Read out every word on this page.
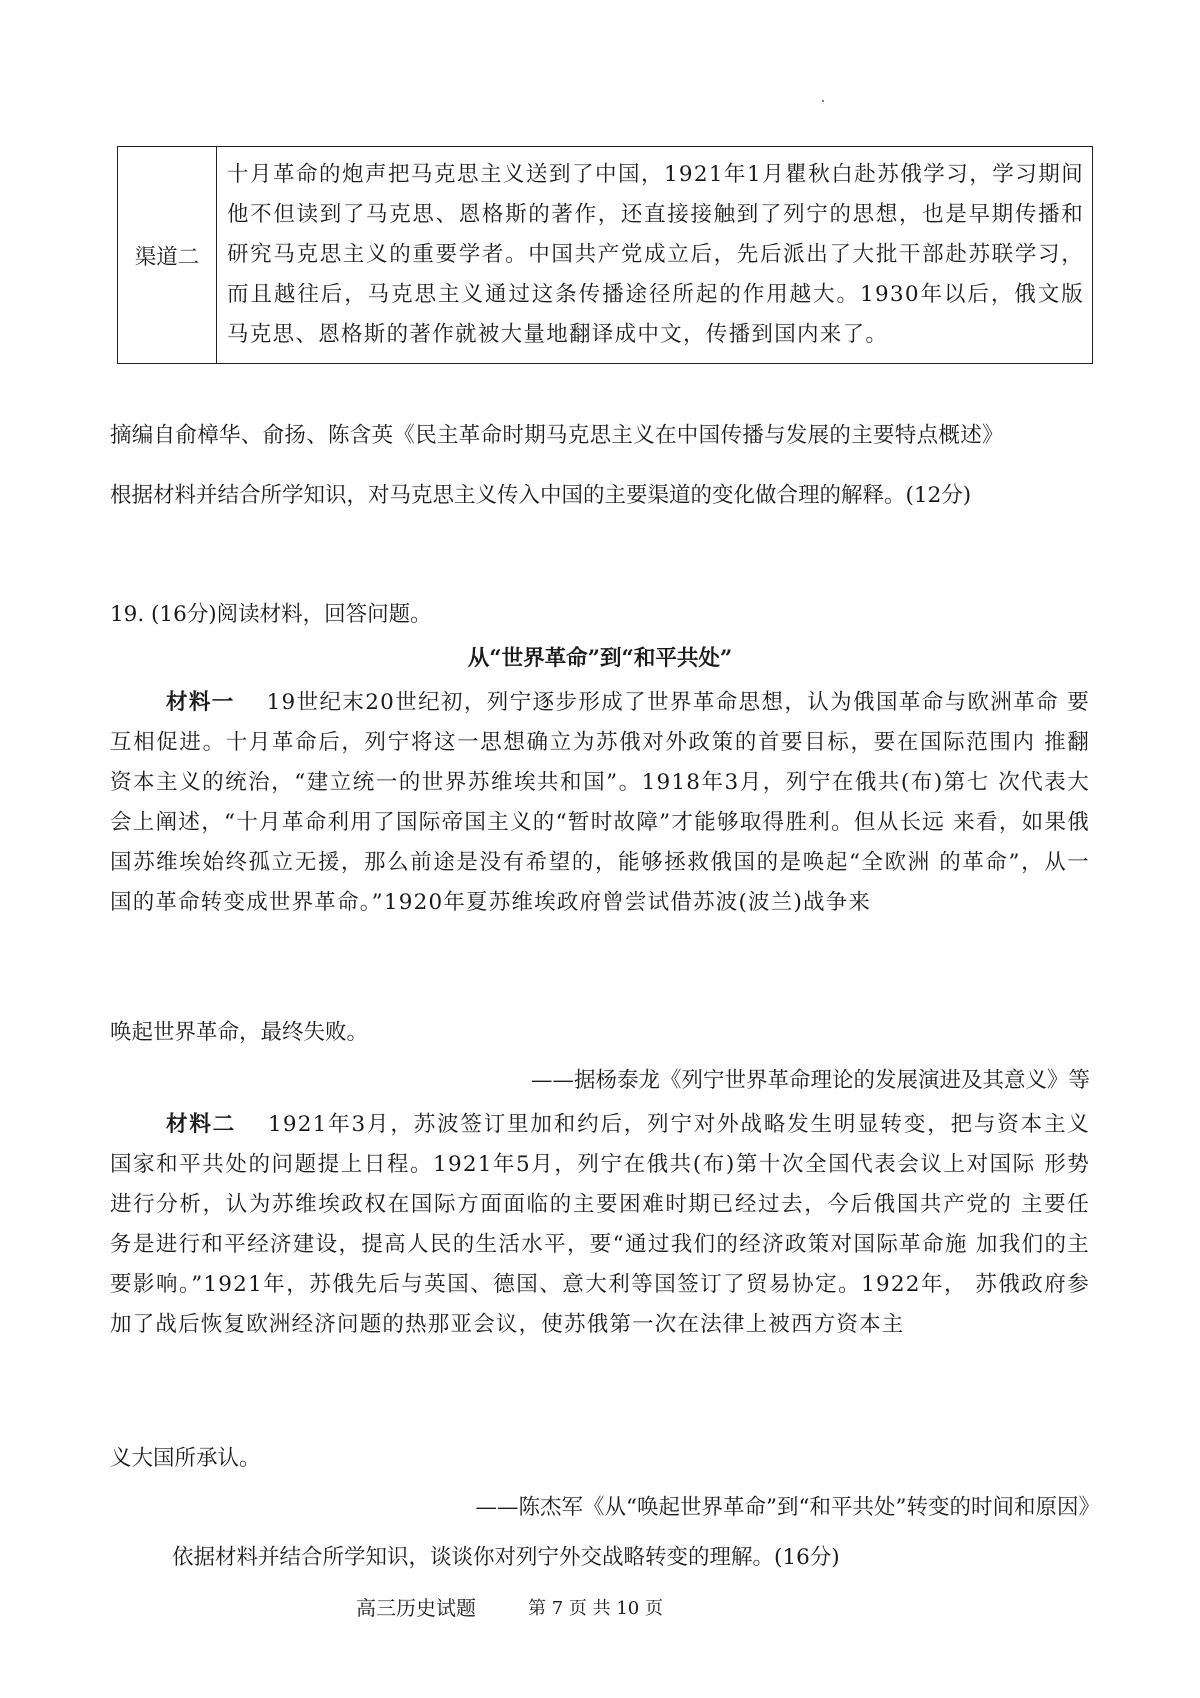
渠道二	十月革命的炮声把马克思主义送到了中国，1921年1月瞿秋白赴苏俄学习，学习期间他不但读到了马克思、恩格斯的著作，还直接接触到了列宁的思想，也是早期传播和研究马克思主义的重要学者。中国共产党成立后，先后派出了大批干部赴苏联学习，而且越往后，马克思主义通过这条传播途径所起的作用越大。1930年以后，俄文版马克思、恩格斯的著作就被大量地翻译成中文，传播到国内来了。
摘编自俞樟华、俞扬、陈含英《民主革命时期马克思主义在中国传播与发展的主要特点概述》
根据材料并结合所学知识，对马克思主义传入中国的主要渠道的变化做合理的解释。(12分)
19. (16分)阅读材料，回答问题。
从“世界革命”到“和平共处”
材料一 19世纪末20世纪初，列宁逐步形成了世界革命思想，认为俄国革命与欧洲革命 要互相促进。十月革命后，列宁将这一思想确立为苏俄对外政策的首要目标，要在国际范围内 推翻资本主义的统治，“建立统一的世界苏维埃共和国”。1918年3月，列宁在俄共(布)第七 次代表大会上阐述，“十月革命利用了国际帝国主义的“暂时故障”才能够取得胜利。但从长远 来看，如果俄国苏维埃始终孤立无援，那么前途是没有希望的，能够拯救俄国的是唤起“全欧洲 的革命”，从一国的革命转变成世界革命。”1920年夏苏维埃政府曾尝试借苏波(波兰)战争来
唤起世界革命，最终失败。
——据杨泰龙《列宁世界革命理论的发展演进及其意义》等
材料二 1921年3月，苏波签订里加和约后，列宁对外战略发生明显转变，把与资本主义 国家和平共处的问题提上日程。1921年5月，列宁在俄共(布)第十次全国代表会议上对国际 形势进行分析，认为苏维埃政权在国际方面面临的主要困难时期已经过去，今后俄国共产党的 主要任务是进行和平经济建设，提高人民的生活水平，要“通过我们的经济政策对国际革命施 加我们的主要影响。”1921年，苏俄先后与英国、德国、意大利等国签订了贸易协定。1922年， 苏俄政府参加了战后恢复欧洲经济问题的热那亚会议，使苏俄第一次在法律上被西方资本主
义大国所承认。
——陈杰军《从“唤起世界革命”到“和平共处”转变的时间和原因》
依据材料并结合所学知识，谈谈你对列宁外交战略转变的理解。(16分)
高三历史试题	第 7 页 共 10 页
